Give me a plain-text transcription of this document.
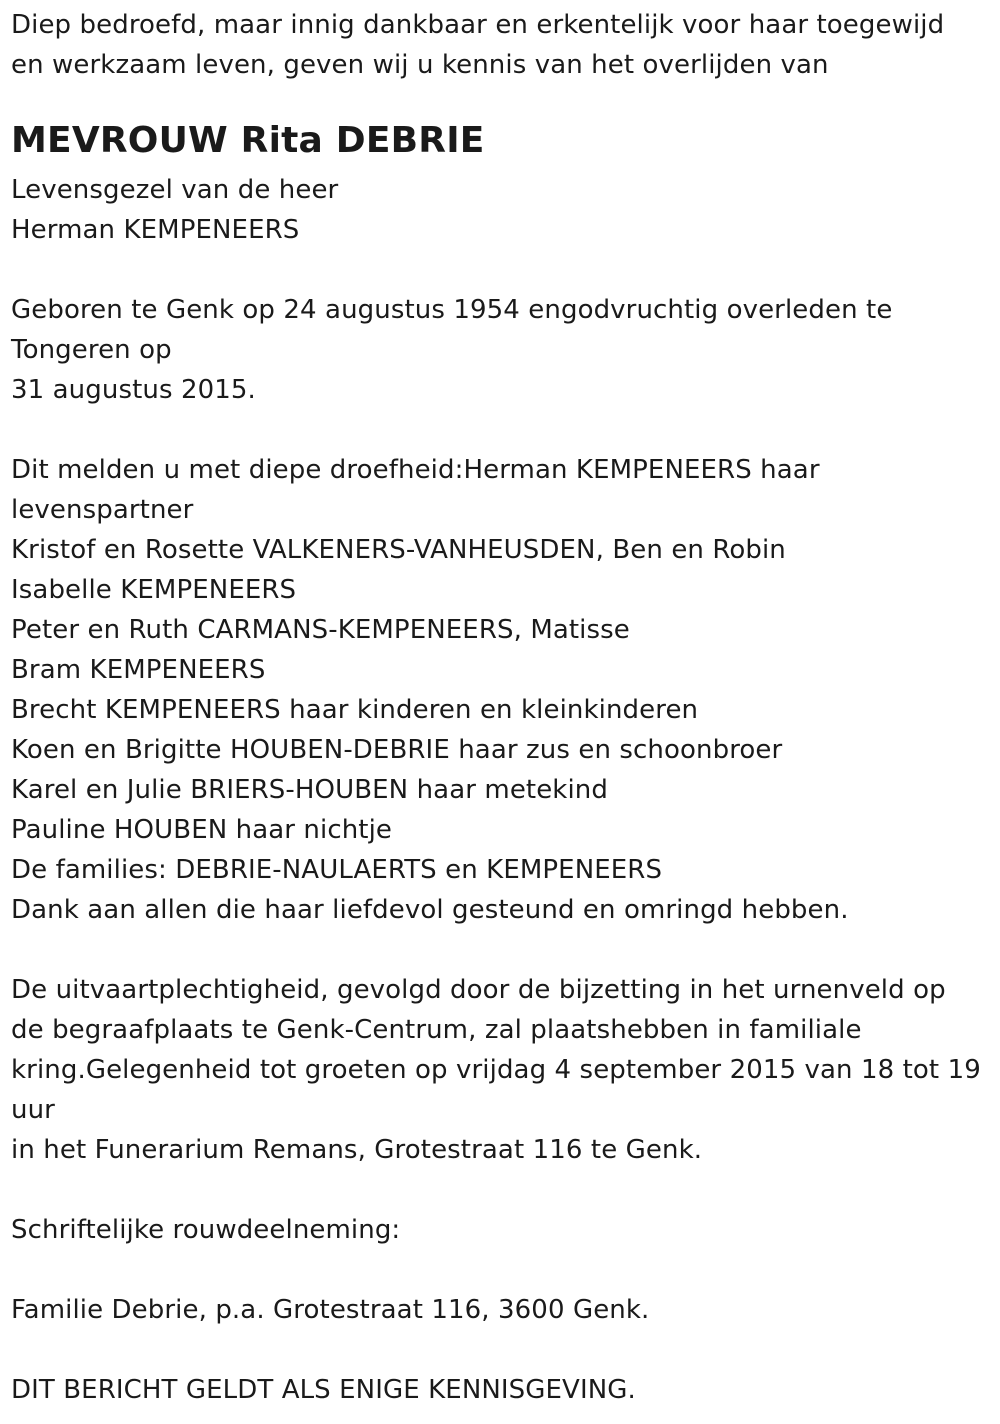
Diep bedroefd, maar innig dankbaar en erkentelijk voor haar toegewijd
en werkzaam leven, geven wij u kennis van het overlijden van
MEVROUW Rita DEBRIE
Levensgezel van de heer
Herman KEMPENEERS
Geboren te Genk op 24 augustus 1954 engodvruchtig overleden te
Tongeren op
31 augustus 2015.
Dit melden u met diepe droefheid:Herman KEMPENEERS haar
levenspartner
Kristof en Rosette VALKENERS-VANHEUSDEN, Ben en Robin
Isabelle KEMPENEERS
Peter en Ruth CARMANS-KEMPENEERS, Matisse
Bram KEMPENEERS
Brecht KEMPENEERS haar kinderen en kleinkinderen
Koen en Brigitte HOUBEN-DEBRIE haar zus en schoonbroer
Karel en Julie BRIERS-HOUBEN haar metekind
Pauline HOUBEN haar nichtje
De families: DEBRIE-NAULAERTS en KEMPENEERS
Dank aan allen die haar liefdevol gesteund en omringd hebben.
De uitvaartplechtigheid, gevolgd door de bijzetting in het urnenveld op
de begraafplaats te Genk-Centrum, zal plaatshebben in familiale
kring.Gelegenheid tot groeten op vrijdag 4 september 2015 van 18 tot 19
uur
in het Funerarium Remans, Grotestraat 116 te Genk.
Schriftelijke rouwdeelneming:
Familie Debrie, p.a. Grotestraat 116, 3600 Genk.
DIT BERICHT GELDT ALS ENIGE KENNISGEVING.
